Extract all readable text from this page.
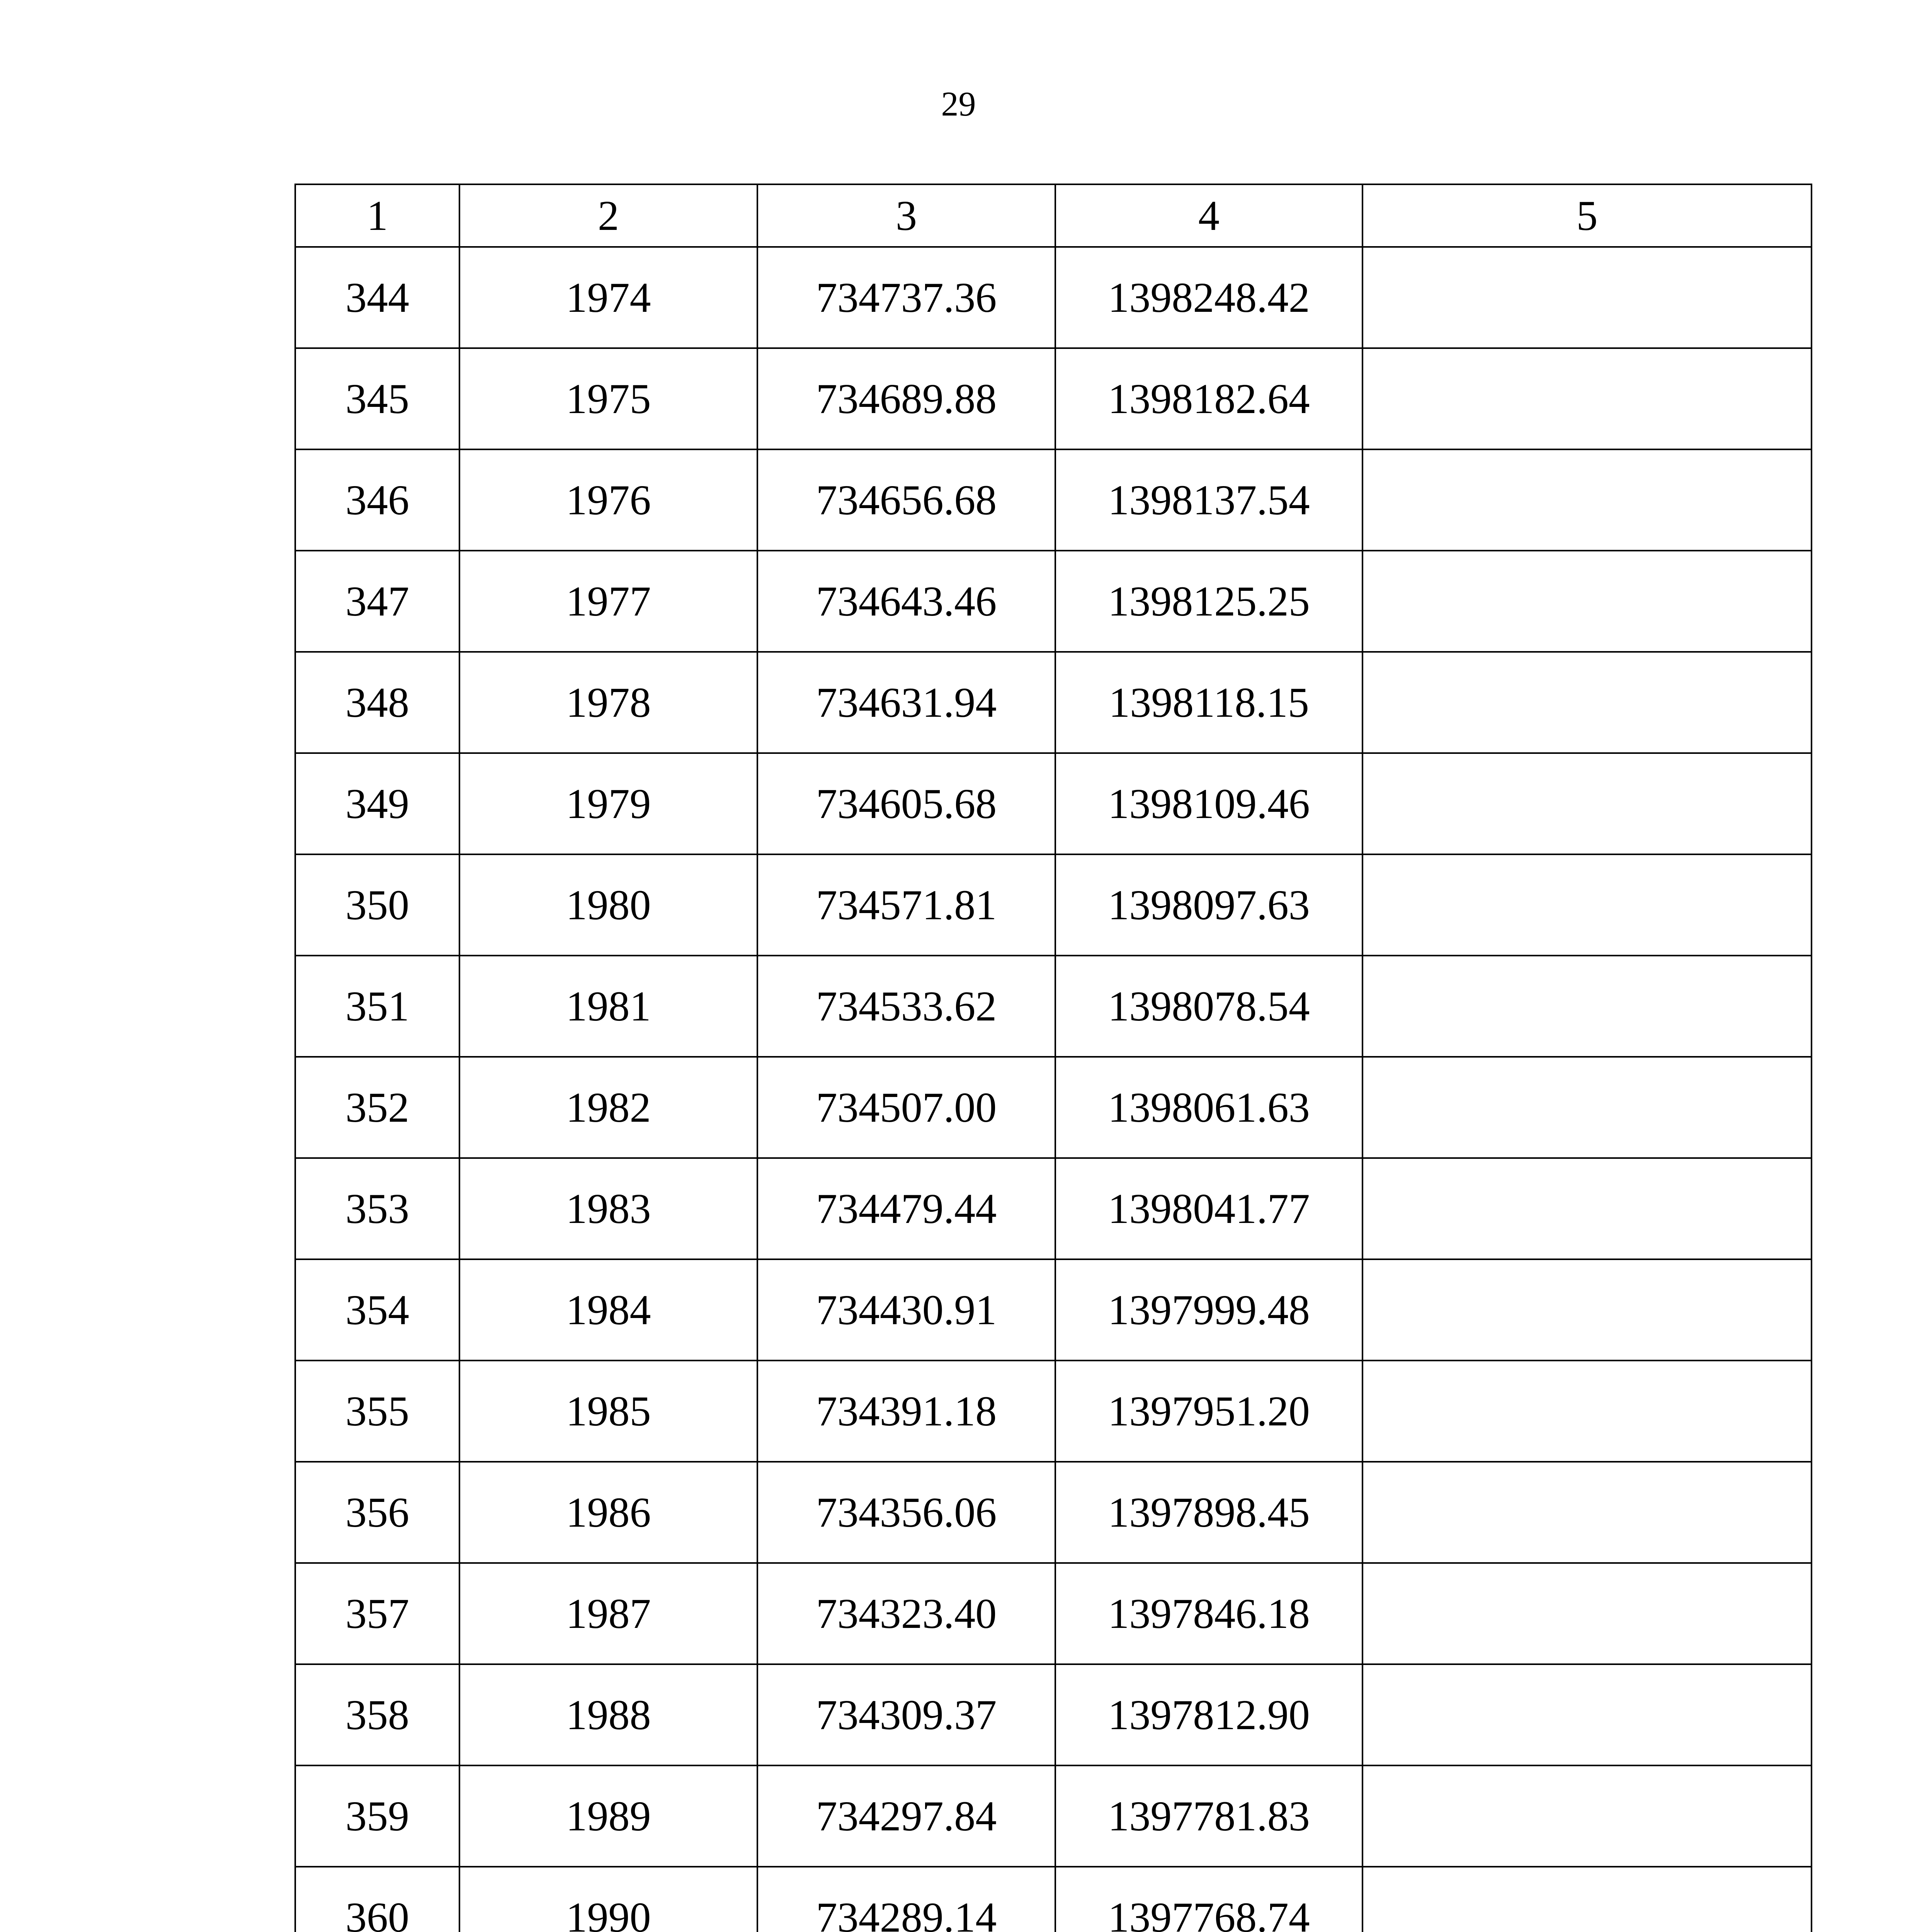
29
1	2	3	4	5
344	1974	734737.36	1398248.42	
345	1975	734689.88	1398182.64	
346	1976	734656.68	1398137.54	
347	1977	734643.46	1398125.25	
348	1978	734631.94	1398118.15	
349	1979	734605.68	1398109.46	
350	1980	734571.81	1398097.63	
351	1981	734533.62	1398078.54	
352	1982	734507.00	1398061.63	
353	1983	734479.44	1398041.77	
354	1984	734430.91	1397999.48	
355	1985	734391.18	1397951.20	
356	1986	734356.06	1397898.45	
357	1987	734323.40	1397846.18	
358	1988	734309.37	1397812.90	
359	1989	734297.84	1397781.83	
360	1990	734289.14	1397768.74	
